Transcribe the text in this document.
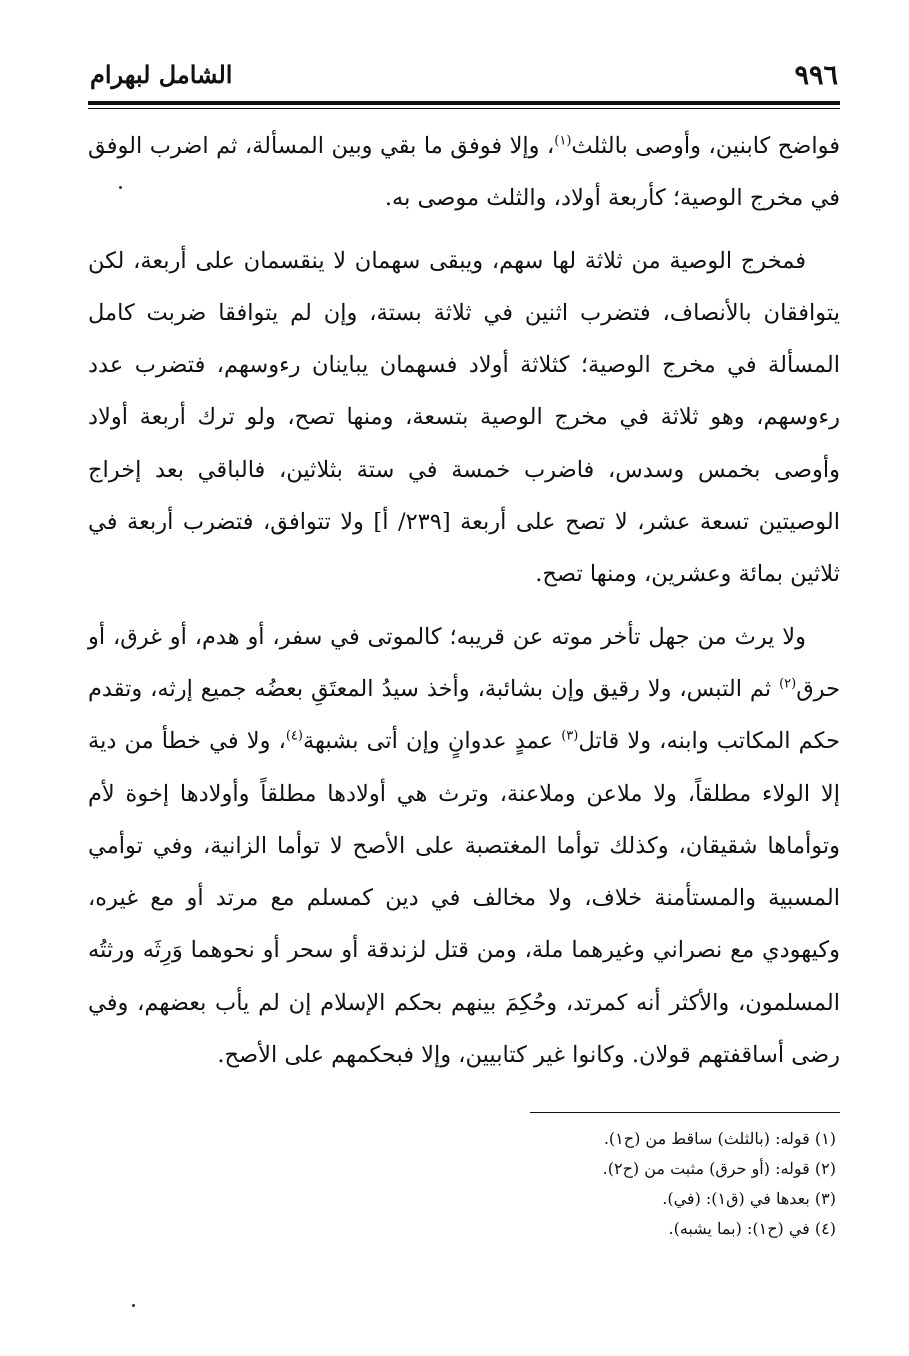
٩٩٦
الشامل لبهرام

فواضح كابنين، وأوصى بالثلث$^{(١)}$، وإلا فوفق ما بقي وبين المسألة، ثم اضرب الوفق في مخرج الوصية؛ كأربعة أولاد، والثلث موصى به.

فمخرج الوصية من ثلاثة لها سهم، ويبقى سهمان لا ينقسمان على أربعة، لكن يتوافقان بالأنصاف، فتضرب اثنين في ثلاثة بستة، وإن لم يتوافقا ضربت كامل المسألة في مخرج الوصية؛ كثلاثة أولاد فسهمان يباينان رءوسهم، فتضرب عدد رءوسهم، وهو ثلاثة في مخرج الوصية بتسعة، ومنها تصح، ولو ترك أربعة أولاد وأوصى بخمس وسدس، فاضرب خمسة في ستة بثلاثين، فالباقي بعد إخراج الوصيتين تسعة عشر، لا تصح على أربعة [٢٣٩/ أ] ولا تتوافق، فتضرب أربعة في ثلاثين بمائة وعشرين، ومنها تصح.

ولا يرث من جهل تأخر موته عن قريبه؛ كالموتى في سفر، أو هدم، أو غرق، أو حرق$^{(٢)}$ ثم التبس، ولا رقيق وإن بشائبة، وأخذ سيدُ المعتَقِ بعضُه جميع إرثه، وتقدم حكم المكاتب وابنه، ولا قاتل$^{(٣)}$ عمدٍ عدوانٍ وإن أتى بشبهة$^{(٤)}$، ولا في خطأ من دية إلا الولاء مطلقاً، ولا ملاعن وملاعنة، وترث هي أولادها مطلقاً وأولادها إخوة لأم وتوأماها شقيقان، وكذلك توأما المغتصبة على الأصح لا توأما الزانية، وفي توأمي المسبية والمستأمنة خلاف، ولا مخالف في دين كمسلم مع مرتد أو مع غيره، وكيهودي مع نصراني وغيرهما ملة، ومن قتل لزندقة أو سحر أو نحوهما وَرِثَه ورثتُه المسلمون، والأكثر أنه كمرتد، وحُكِمَ بينهم بحكم الإسلام إن لم يأب بعضهم، وفي رضى أساقفتهم قولان. وكانوا غير كتابيين، وإلا فبحكمهم على الأصح.

(١) قوله: (بالثلث) ساقط من (ح١).
(٢) قوله: (أو حرق) مثبت من (ح٢).
(٣) بعدها في (ق١): (في).
(٤) في (ح١): (بما يشبه).
